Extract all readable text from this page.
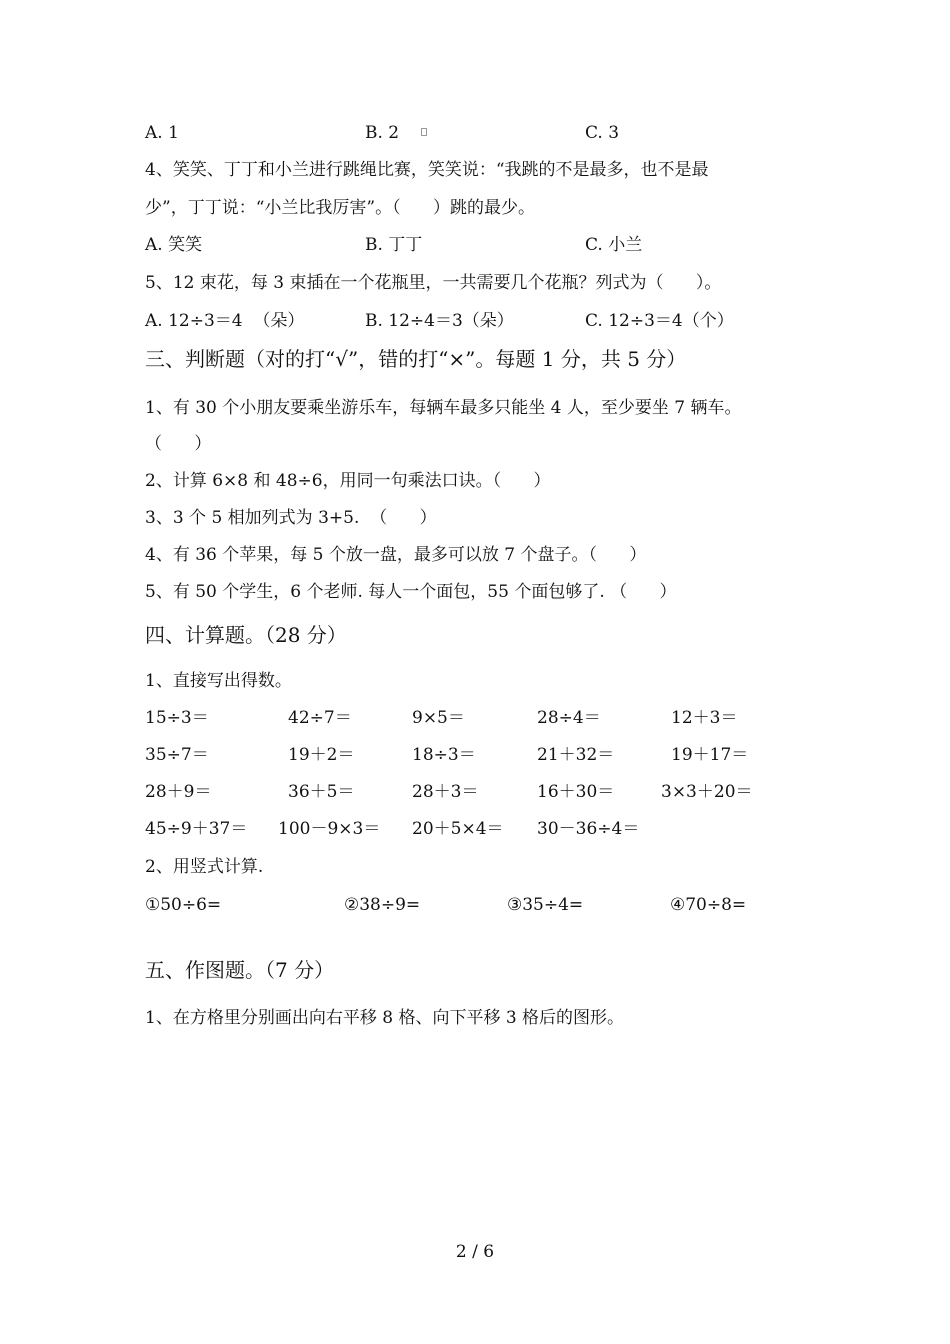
A. 1	B. 2	C. 3
4、笑笑、丁丁和小兰进行跳绳比赛，笑笑说：“我跳的不是最多，也不是最
少”，丁丁说：“小兰比我厉害”。（      ）跳的最少。
A. 笑笑	B. 丁丁	C. 小兰
5、12 束花，每 3 束插在一个花瓶里，一共需要几个花瓶？列式为（      ）。
A. 12÷3＝4  （朵）	B. 12÷4＝3（朵）	C. 12÷3＝4（个）
三、判断题（对的打“√”，错的打“×”。每题 1 分，共 5 分）
1、有 30 个小朋友要乘坐游乐车，每辆车最多只能坐 4 人，至少要坐 7 辆车。
（      ）
2、计算 6×8 和 48÷6，用同一句乘法口诀。（      ）
3、3 个 5 相加列式为 3+5.  （      ）
4、有 36 个苹果，每 5 个放一盘，最多可以放 7 个盘子。（      ）
5、有 50 个学生，6 个老师. 每人一个面包，55 个面包够了. （      ）
四、计算题。（28 分）
1、直接写出得数。
15÷3＝	42÷7＝	9×5＝	28÷4＝	12＋3＝
35÷7＝	19＋2＝	18÷3＝	21＋32＝	19＋17＝
28＋9＝	36＋5＝	28＋3＝	16＋30＝	3×3＋20＝
45÷9＋37＝ 100－9×3＝ 20＋5×4＝ 30－36÷4＝
2、用竖式计算.
①50÷6=	②38÷9=	③35÷4=	④70÷8=
五、作图题。（7 分）
1、在方格里分别画出向右平移 8 格、向下平移 3 格后的图形。
2 / 6
